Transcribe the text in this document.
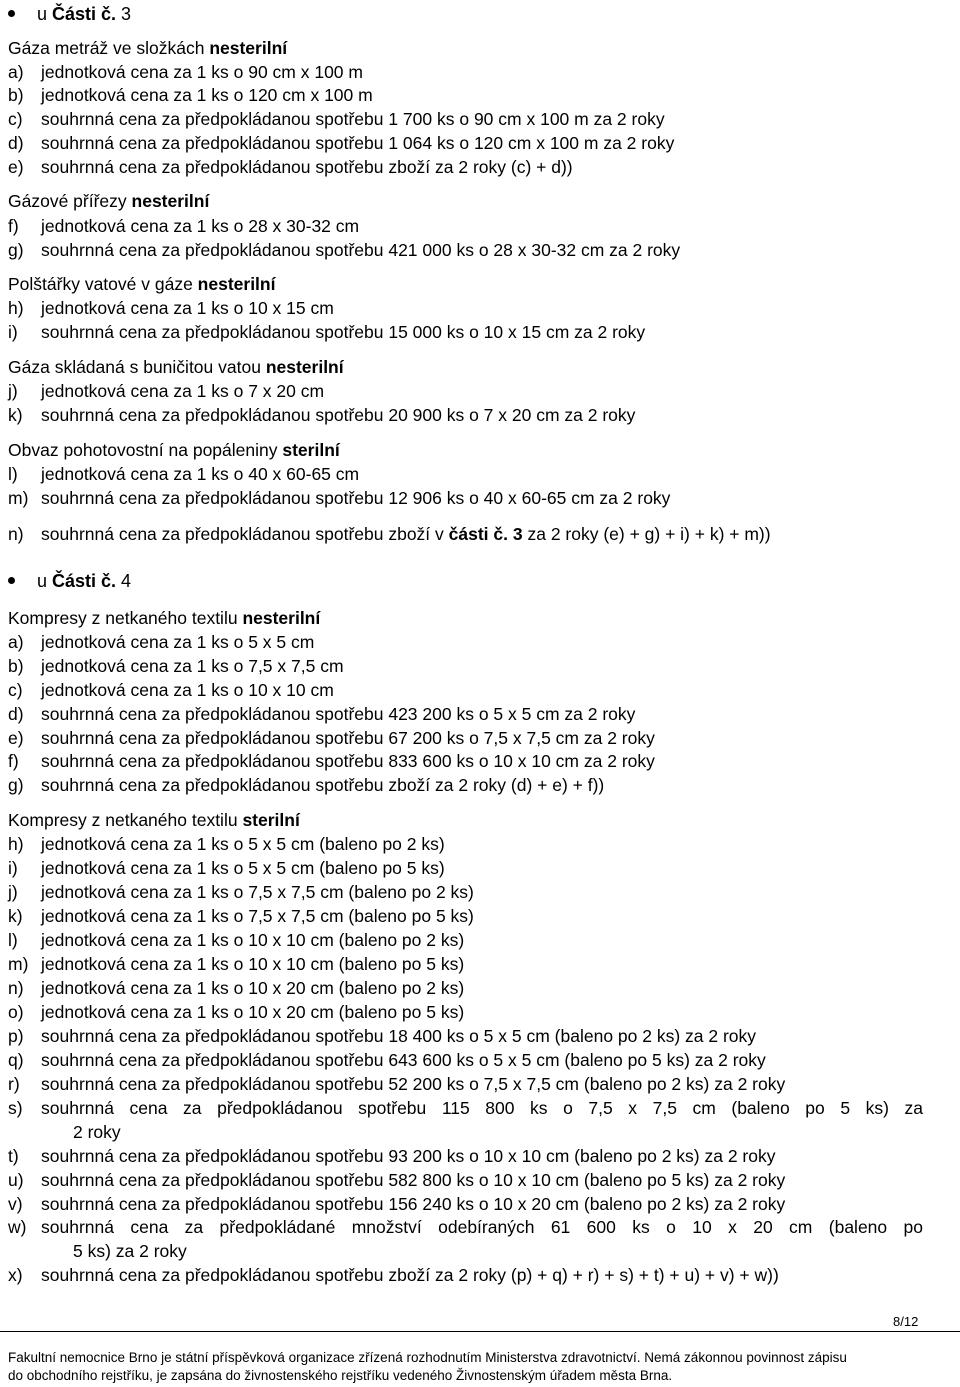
u Části č. 3
Gáza metráž ve složkách nesterilní
a) jednotková cena za 1 ks o 90 cm x 100 m
b) jednotková cena za 1 ks o 120 cm x 100 m
c) souhrnná cena za předpokládanou spotřebu 1 700 ks o 90 cm x 100 m za 2 roky
d) souhrnná cena za předpokládanou spotřebu 1 064 ks o 120 cm x 100 m za 2 roky
e) souhrnná cena za předpokládanou spotřebu zboží za 2 roky (c) + d))
Gázové přířezy nesterilní
f) jednotková cena za 1 ks o 28 x 30-32 cm
g) souhrnná cena za předpokládanou spotřebu 421 000 ks o 28 x 30-32 cm za 2 roky
Polštářky vatové v gáze nesterilní
h) jednotková cena za 1 ks o 10 x 15 cm
i) souhrnná cena za předpokládanou spotřebu 15 000 ks o 10 x 15 cm za 2 roky
Gáza skládaná s buničitou vatou nesterilní
j) jednotková cena za 1 ks o 7 x 20 cm
k) souhrnná cena za předpokládanou spotřebu 20 900 ks o 7 x 20 cm za 2 roky
Obvaz pohotovostní na popáleniny sterilní
l) jednotková cena za 1 ks o 40 x 60-65 cm
m) souhrnná cena za předpokládanou spotřebu 12 906 ks o 40 x 60-65 cm za 2 roky
n) souhrnná cena za předpokládanou spotřebu zboží v části č. 3 za 2 roky (e) + g) + i) + k) + m))
u Části č. 4
Kompresy z netkaného textilu nesterilní
a) jednotková cena za 1 ks o 5 x 5 cm
b) jednotková cena za 1 ks o 7,5 x 7,5 cm
c) jednotková cena za 1 ks o 10 x 10 cm
d) souhrnná cena za předpokládanou spotřebu 423 200 ks o 5 x 5 cm za 2 roky
e) souhrnná cena za předpokládanou spotřebu 67 200 ks o 7,5 x 7,5 cm za 2 roky
f) souhrnná cena za předpokládanou spotřebu 833 600 ks o 10 x 10 cm za 2 roky
g) souhrnná cena za předpokládanou spotřebu zboží za 2 roky (d) + e) + f))
Kompresy z netkaného textilu sterilní
h) jednotková cena za 1 ks o 5 x 5 cm (baleno po 2 ks)
i) jednotková cena za 1 ks o 5 x 5 cm (baleno po 5 ks)
j) jednotková cena za 1 ks o 7,5 x 7,5 cm (baleno po 2 ks)
k) jednotková cena za 1 ks o 7,5 x 7,5 cm (baleno po 5 ks)
l) jednotková cena za 1 ks o 10 x 10 cm (baleno po 2 ks)
m) jednotková cena za 1 ks o 10 x 10 cm (baleno po 5 ks)
n) jednotková cena za 1 ks o 10 x 20 cm (baleno po 2 ks)
o) jednotková cena za 1 ks o 10 x 20 cm (baleno po 5 ks)
p) souhrnná cena za předpokládanou spotřebu 18 400 ks o 5 x 5 cm (baleno po 2 ks) za 2 roky
q) souhrnná cena za předpokládanou spotřebu 643 600 ks o 5 x 5 cm (baleno po 5 ks) za 2 roky
r) souhrnná cena za předpokládanou spotřebu 52 200 ks o 7,5 x 7,5 cm (baleno po 2 ks) za 2 roky
s) souhrnná cena za předpokládanou spotřebu 115 800 ks o 7,5 x 7,5 cm (baleno po 5 ks) za
2 roky
t) souhrnná cena za předpokládanou spotřebu 93 200 ks o 10 x 10 cm (baleno po 2 ks) za 2 roky
u) souhrnná cena za předpokládanou spotřebu 582 800 ks o 10 x 10 cm (baleno po 5 ks) za 2 roky
v) souhrnná cena za předpokládanou spotřebu 156 240 ks o 10 x 20 cm (baleno po 2 ks) za 2 roky
w) souhrnná cena za předpokládané množství odebíraných 61 600 ks o 10 x 20 cm (baleno po
5 ks) za 2 roky
x) souhrnná cena za předpokládanou spotřebu zboží za 2 roky (p) + q) + r) + s) + t) + u) + v) + w))
8/12
Fakultní nemocnice Brno je státní příspěvková organizace zřízená rozhodnutím Ministerstva zdravotnictví. Nemá zákonnou povinnost zápisu
do obchodního rejstříku, je zapsána do živnostenského rejstříku vedeného Živnostenským úřadem města Brna.
